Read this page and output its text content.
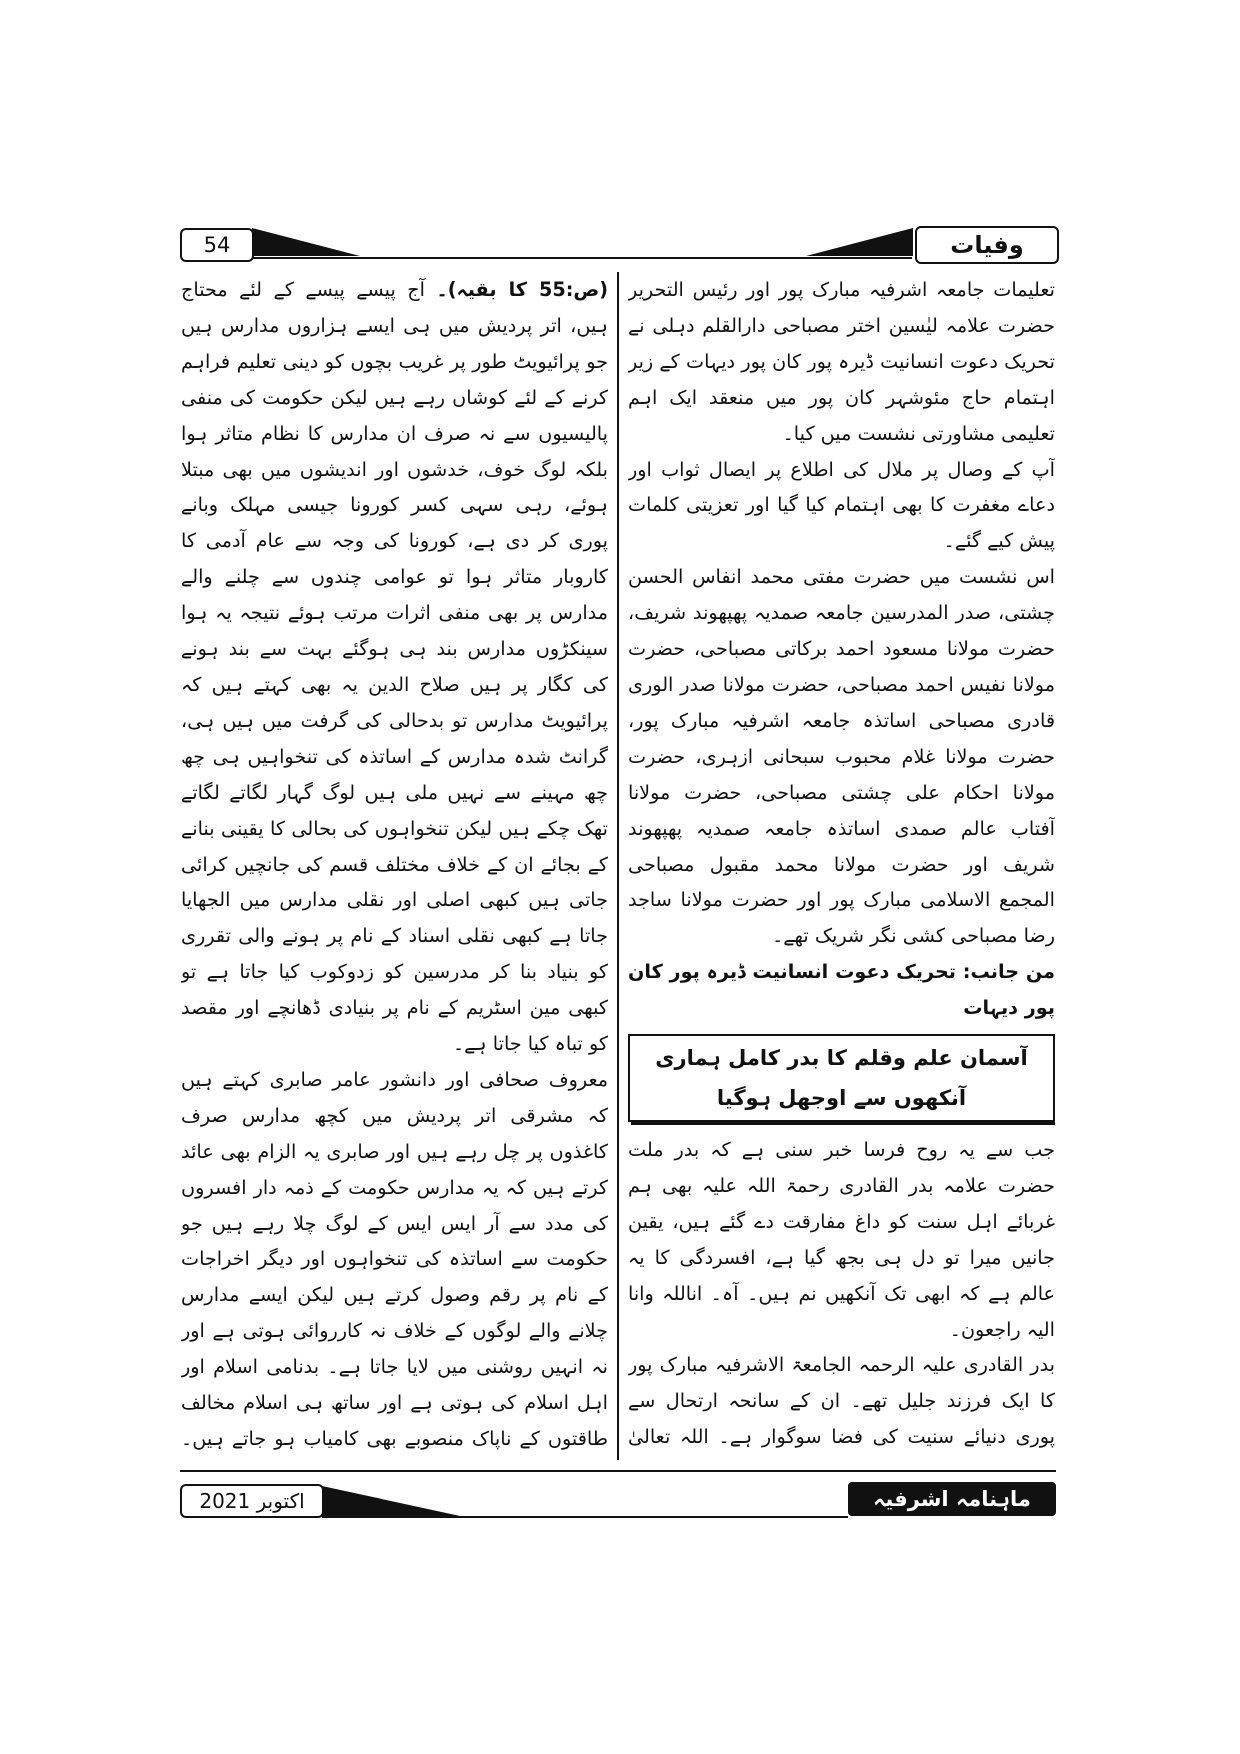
54	وفیات

تعلیمات جامعہ اشرفیہ مبارک پور اور رئیس التحریر حضرت علامہ لیٰسین اختر مصباحی دارالقلم دہلی نے تحریک دعوت انسانیت ڈیرہ پور کان پور دیہات کے زیر اہتمام حاج مئوشہر کان پور میں منعقد ایک اہم تعلیمی مشاورتی نشست میں کیا۔

آپ کے وصال پر ملال کی اطلاع پر ایصال ثواب اور دعاے مغفرت کا بھی اہتمام کیا گیا اور تعزیتی کلمات پیش کیے گئے۔

اس نشست میں حضرت مفتی محمد انفاس الحسن چشتی، صدر المدرسین جامعہ صمدیہ پھپھوند شریف، حضرت مولانا مسعود احمد برکاتی مصباحی، حضرت مولانا نفیس احمد مصباحی، حضرت مولانا صدر الوری قادری مصباحی اساتذہ جامعہ اشرفیہ مبارک پور، حضرت مولانا غلام محبوب سبحانی ازہری، حضرت مولانا احکام علی چشتی مصباحی، حضرت مولانا آفتاب عالم صمدی اساتذہ جامعہ صمدیہ پھپھوند شریف اور حضرت مولانا محمد مقبول مصباحی المجمع الاسلامی مبارک پور اور حضرت مولانا ساجد رضا مصباحی کشی نگر شریک تھے۔

من جانب: تحریک دعوت انسانیت ڈیرہ پور کان پور دیہات

آسمان علم وقلم کا بدر کامل ہماری آنکھوں سے اوجھل ہوگیا

جب سے یہ روح فرسا خبر سنی ہے کہ بدر ملت حضرت علامہ بدر القادری رحمۃ اللہ علیہ بھی ہم غربائے اہل سنت کو داغ مفارقت دے گئے ہیں، یقین جانیں میرا تو دل ہی بجھ گیا ہے، افسردگی کا یہ عالم ہے کہ ابھی تک آنکھیں نم ہیں۔ آہ۔ اناللہ وانا الیہ راجعون۔

بدر القادری علیہ الرحمہ الجامعۃ الاشرفیہ مبارک پور کا ایک فرزند جلیل تھے۔ ان کے سانحہ ارتحال سے پوری دنیائے سنیت کی فضا سوگوار ہے۔ اللہ تعالیٰ

(ص:55 کا بقیہ)۔ آج پیسے پیسے کے لئے محتاج ہیں، اتر پردیش میں ہی ایسے ہزاروں مدارس ہیں جو پرائیویٹ طور پر غریب بچوں کو دینی تعلیم فراہم کرنے کے لئے کوشاں رہے ہیں لیکن حکومت کی منفی پالیسیوں سے نہ صرف ان مدارس کا نظام متاثر ہوا بلکہ لوگ خوف، خدشوں اور اندیشوں میں بھی مبتلا ہوئے، رہی سہی کسر کورونا جیسی مہلک وبانے پوری کر دی ہے، کورونا کی وجہ سے عام آدمی کا کاروبار متاثر ہوا تو عوامی چندوں سے چلنے والے مدارس پر بھی منفی اثرات مرتب ہوئے نتیجہ یہ ہوا سینکڑوں مدارس بند ہی ہوگئے بہت سے بند ہونے کی کگار پر ہیں صلاح الدین یہ بھی کہتے ہیں کہ پرائیویٹ مدارس تو بدحالی کی گرفت میں ہیں ہی، گرانٹ شدہ مدارس کے اساتذہ کی تنخواہیں ہی چھ چھ مہینے سے نہیں ملی ہیں لوگ گہار لگاتے لگاتے تھک چکے ہیں لیکن تنخواہوں کی بحالی کا یقینی بنانے کے بجائے ان کے خلاف مختلف قسم کی جانچیں کرائی جاتی ہیں کبھی اصلی اور نقلی مدارس میں الجھایا جاتا ہے کبھی نقلی اسناد کے نام پر ہونے والی تقرری کو بنیاد بنا کر مدرسین کو زدوکوب کیا جاتا ہے تو کبھی مین اسٹریم کے نام پر بنیادی ڈھانچے اور مقصد کو تباہ کیا جاتا ہے۔

معروف صحافی اور دانشور عامر صابری کہتے ہیں کہ مشرقی اتر پردیش میں کچھ مدارس صرف کاغذوں پر چل رہے ہیں اور صابری یہ الزام بھی عائد کرتے ہیں کہ یہ مدارس حکومت کے ذمہ دار افسروں کی مدد سے آر ایس ایس کے لوگ چلا رہے ہیں جو حکومت سے اساتذہ کی تنخواہوں اور دیگر اخراجات کے نام پر رقم وصول کرتے ہیں لیکن ایسے مدارس چلانے والے لوگوں کے خلاف نہ کارروائی ہوتی ہے اور نہ انہیں روشنی میں لایا جاتا ہے۔ بدنامی اسلام اور اہل اسلام کی ہوتی ہے اور ساتھ ہی اسلام مخالف طاقتوں کے ناپاک منصوبے بھی کامیاب ہو جاتے ہیں۔

اکتوبر 2021	ماہنامہ اشرفیہ
